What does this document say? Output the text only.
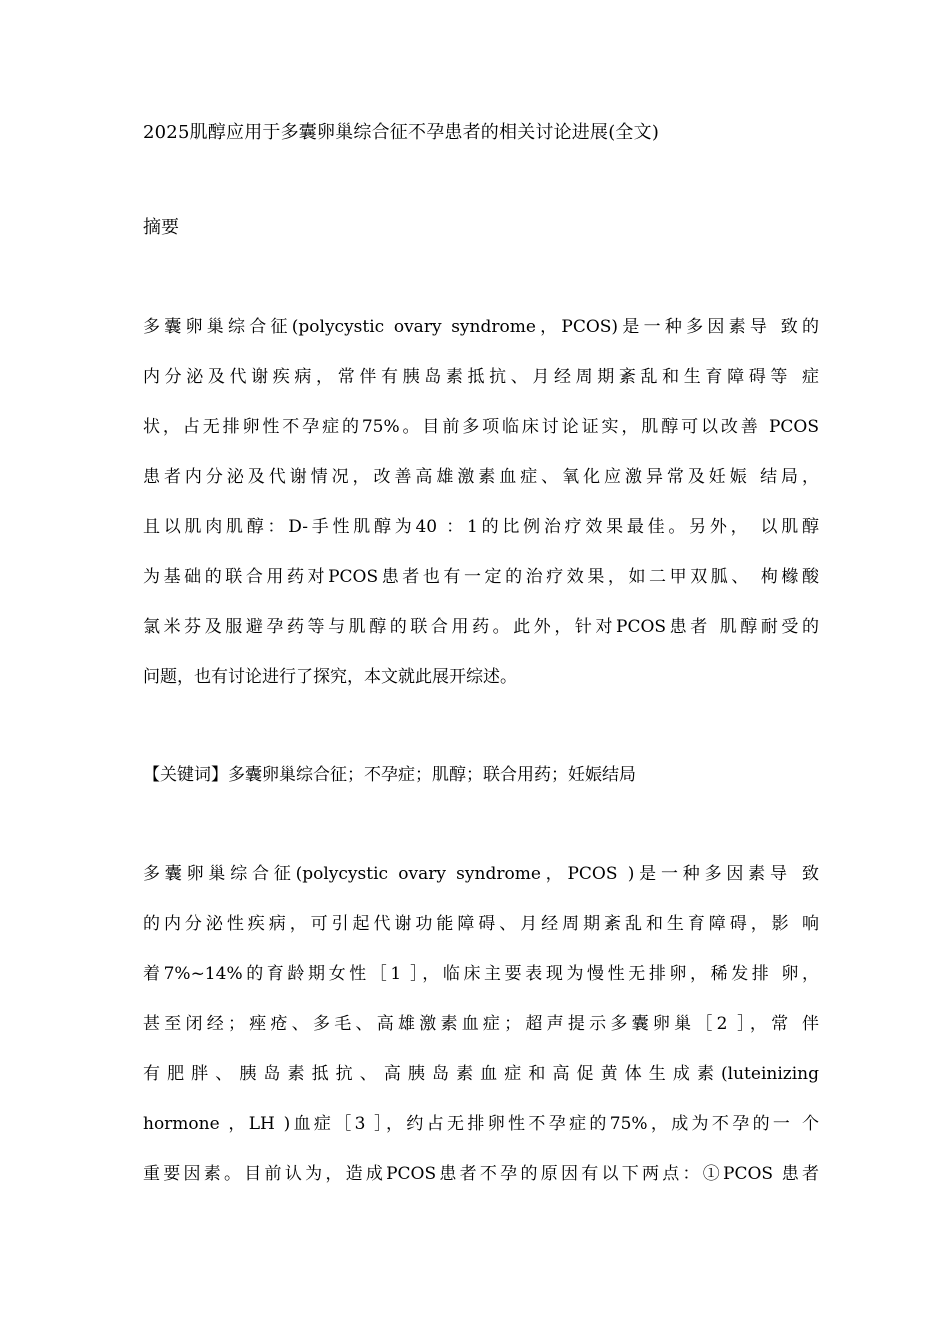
2025肌醇应用于多囊卵巢综合征不孕患者的相关讨论进展(全文)
摘要
多囊卵巢综合征(polycystic ovary syndrome，PCOS)是一种多因素导 致的
内分泌及代谢疾病，常伴有胰岛素抵抗、月经周期紊乱和生育障碍等 症
状，占无排卵性不孕症的75%。目前多项临床讨论证实，肌醇可以改善 PCOS
患者内分泌及代谢情况，改善高雄激素血症、氧化应激异常及妊娠 结局，
且以肌肉肌醇：D-手性肌醇为40 ：1的比例治疗效果最佳。另外， 以肌醇
为基础的联合用药对PCOS患者也有一定的治疗效果，如二甲双胍、 枸橼酸
氯米芬及服避孕药等与肌醇的联合用药。此外，针对PCOS患者 肌醇耐受的
问题，也有讨论进行了探究，本文就此展开综述。
【关键词】多囊卵巢综合征；不孕症；肌醇；联合用药；妊娠结局
多囊卵巢综合征(polycystic ovary syndrome，PCOS )是一种多因素导 致
的内分泌性疾病，可引起代谢功能障碍、月经周期紊乱和生育障碍，影 响
着7%~14%的育龄期女性［1 ］，临床主要表现为慢性无排卵，稀发排 卵，
甚至闭经；痤疮、多毛、高雄激素血症；超声提示多囊卵巢［2 ］，常 伴
有肥胖、胰岛素抵抗、高胰岛素血症和高促黄体生成素(luteinizing
hormone ，LH )血症［3 ］，约占无排卵性不孕症的75%，成为不孕的一 个
重要因素。目前认为，造成PCOS患者不孕的原因有以下两点：①PCOS 患者
